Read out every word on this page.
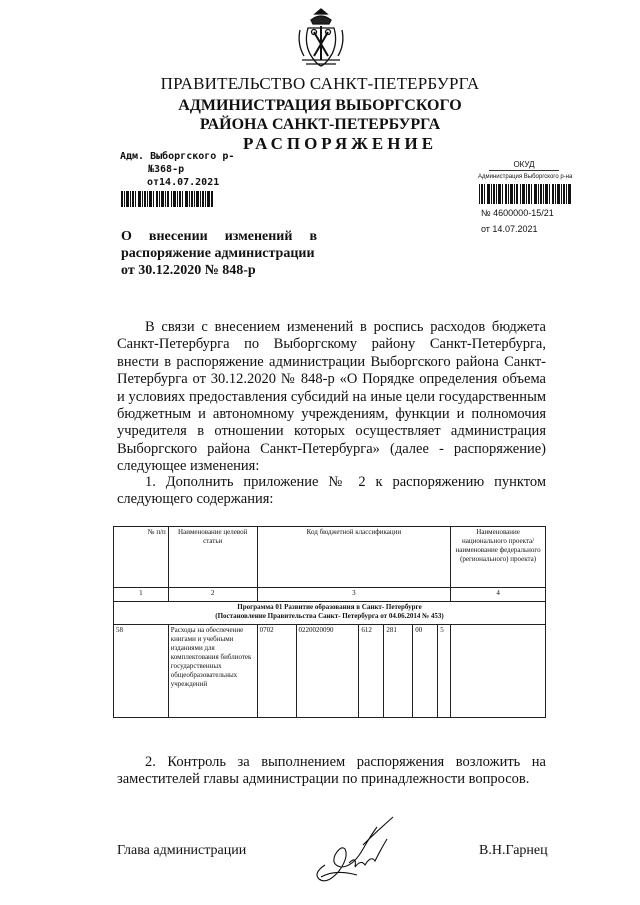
ПРАВИТЕЛЬСТВО САНКТ-ПЕТЕРБУРГА
АДМИНИСТРАЦИЯ ВЫБОРГСКОГО
РАЙОНА САНКТ-ПЕТЕРБУРГА
РАСПОРЯЖЕНИЕ
Адм. Выборгского р-
№368-р
от14.07.2021
ОКУД
Администрация Выборгского р-на
№ 4600000-15/21
от 14.07.2021
О внесении изменений в
распоряжение администрации
от 30.12.2020 № 848-р
В связи с внесением изменений в роспись расходов бюджета
Санкт-Петербурга по Выборгскому району Санкт-Петербурга, внести в распоряжение администрации Выборгского района Санкт-Петербурга от 30.12.2020 № 848-р «О Порядке определения объема и условиях предоставления субсидий на иные цели государственным бюджетным и автономному учреждениям, функции и полномочия учредителя в отношении которых осуществляет администрация Выборгского района Санкт-Петербурга» (далее - распоряжение) следующее изменения:
1. Дополнить приложение № 2 к распоряжению пунктом
следующего содержания:
№ п/п	Наименование целевой статьи	Код бюджетной классификации						Наименование национального проекта/наименование федерального (регионального) проекта)
1	2	3						4

Программа 01 Развитие образования в Санкт- Петербурге
(Постановление Правительства Санкт- Петербурга от 04.06.2014 № 453)								

58	Расходы на обеспечение книгами и учебными изданиями для комплектования библиотек государственных общеобразовательных учреждений	0702	0220020090	612	281	00	5	
2. Контроль за выполнением распоряжения возложить на
заместителей главы администрации по принадлежности вопросов.
Глава администрации	В.Н.Гарнец
